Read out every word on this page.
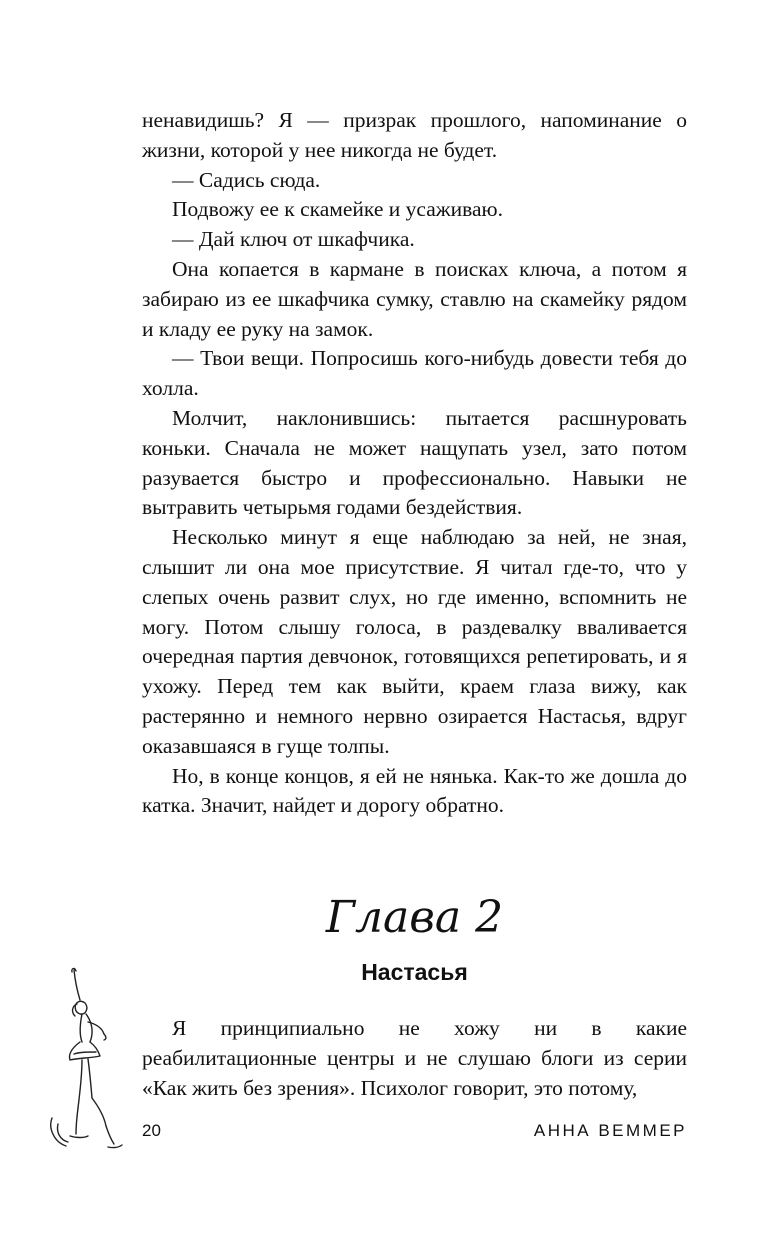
ненавидишь? Я — призрак прошлого, напоминание о жизни, которой у нее никогда не будет.

— Садись сюда.

Подвожу ее к скамейке и усаживаю.

— Дай ключ от шкафчика.

Она копается в кармане в поисках ключа, а потом я забираю из ее шкафчика сумку, ставлю на скамейку рядом и кладу ее руку на замок.

— Твои вещи. Попросишь кого-нибудь довести тебя до холла.

Молчит, наклонившись: пытается расшнуровать коньки. Сначала не может нащупать узел, зато потом разувается быстро и профессионально. Навыки не вытравить четырьмя годами бездействия.

Несколько минут я еще наблюдаю за ней, не зная, слышит ли она мое присутствие. Я читал где-то, что у слепых очень развит слух, но где именно, вспомнить не могу. Потом слышу голоса, в раздевалку вваливается очередная партия девчонок, готовящихся репетировать, и я ухожу. Перед тем как выйти, краем глаза вижу, как растерянно и немного нервно озирается Настасья, вдруг оказавшаяся в гуще толпы.

Но, в конце концов, я ей не нянька. Как-то же дошла до катка. Значит, найдет и дорогу обратно.

Глава 2
Настасья

Я принципиально не хожу ни в какие реабилитационные центры и не слушаю блоги из серии «Как жить без зрения». Психолог говорит, это потому,

20	АННА ВЕММЕР
